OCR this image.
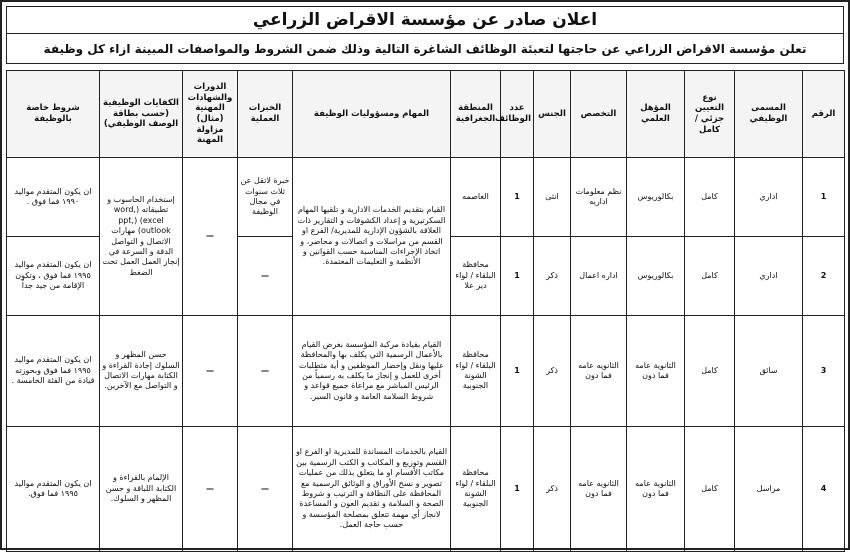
اعلان صادر عن مؤسسة الاقراض الزراعي
تعلن مؤسسة الاقراض الزراعي عن حاجتها لتعبئة الوظائف الشاغرة التالية وذلك ضمن الشروط والمواصفات المبينة ازاء كل وظيفة
الرقم	المسمى الوظيفي	نوع التعيين جزئي / كامل	المؤهل العلمي	التخصص	الجنس	عدد الوظائف	المنطقة الجغرافية	المهام ومسؤوليات الوظيفة	الخبرات العملية	الدورات والشهادات المهنية (مثال) مزاولة المهنة	الكفايات الوظيفية (حسب بطاقة الوصف الوظيفي)	شروط خاصة بالوظيفة
1	اداري	كامل	بكالوريوس	نظم معلومات اداريه	انثى	1	العاصمه	القيام بتقديم الخدمات الادارية و تلقيها المهام السكرتيرية و إعداد الكشوفات و التقارير ذات العلاقة بالشؤون الإدارية للمديرية/ الفرع او القسم من مراسلات و اتصالات و محاضر، و اتخاذ الإجراءات المناسبة حسب القوانين و الأنظمة و التعليمات المعتمدة.	خبرة لاتقل عن ثلاث سنوات في مجال الوظيفة	—	إستخدام الحاسوب و تطبيقاته (word, excel) (ppt, outlook) مهارات الاتصال و التواصل الدقة و السرعة في إنجاز العمل العمل تحت الضغط	ان يكون المتقدم مواليد ١٩٩٠ فما فوق .
2	اداري	كامل	بكالوريوس	اداره اعمال	ذكر	1	محافظة البلقاء / لواء دير علا		—			ان يكون المتقدم مواليد ١٩٩٥ فما فوق ، وتكون الإقامة من جيد جداً
3	سائق	كامل	الثانوية عامه فما دون	الثانويه عامه فما دون	ذكر	1	محافظة البلقاء / لواء الشونة الجنوبية	القيام بقيادة مركبة المؤسسة بغرض القيام بالأعمال الرسمية التي يكلف بها والمحافظة عليها ونقل وإحضار الموظفين و أية متطلبات أخرى للعمل و إنجاز ما يكلف به رسمياً من الرئيس المباشر مع مراعاة جميع قواعد و شروط السلامة العامة و قانون السير.	—	—	حسن المظهر و السلوك إجادة القراءة و الكتابة مهارات الاتصال و التواصل مع الآخرين.	ان يكون المتقدم مواليد ١٩٩٥ فما فوق وبحوزته قيادة من الفئة الخامسة .
4	مراسل	كامل	الثانوية عامه فما دون	الثانويه عامه فما دون	ذكر	1	محافظة البلقاء / لواء الشونة الجنوبية	القيام بالخدمات المساندة للمديرية او الفرع او القسم وتوزيع و المكاتب و الكتب الرسمية بين مكاتب الأقسام او ما يتعلق بذلك من عمليات تصوير و نسخ الأوراق و الوثائق الرسمية مع المحافظة على النظافة و الترتيب و شروط الصحة و السلامة و تقديم العون و المساعدة لانجاز أي مهمة تتعلق بمصلحة المؤسسة و حسب حاجة العمل.	—	—	الإلمام بالقراءة و الكتابة اللباقة و حسن المظهر و السلوك.	ان يكون المتقدم مواليد ١٩٩٥ فما فوق.
